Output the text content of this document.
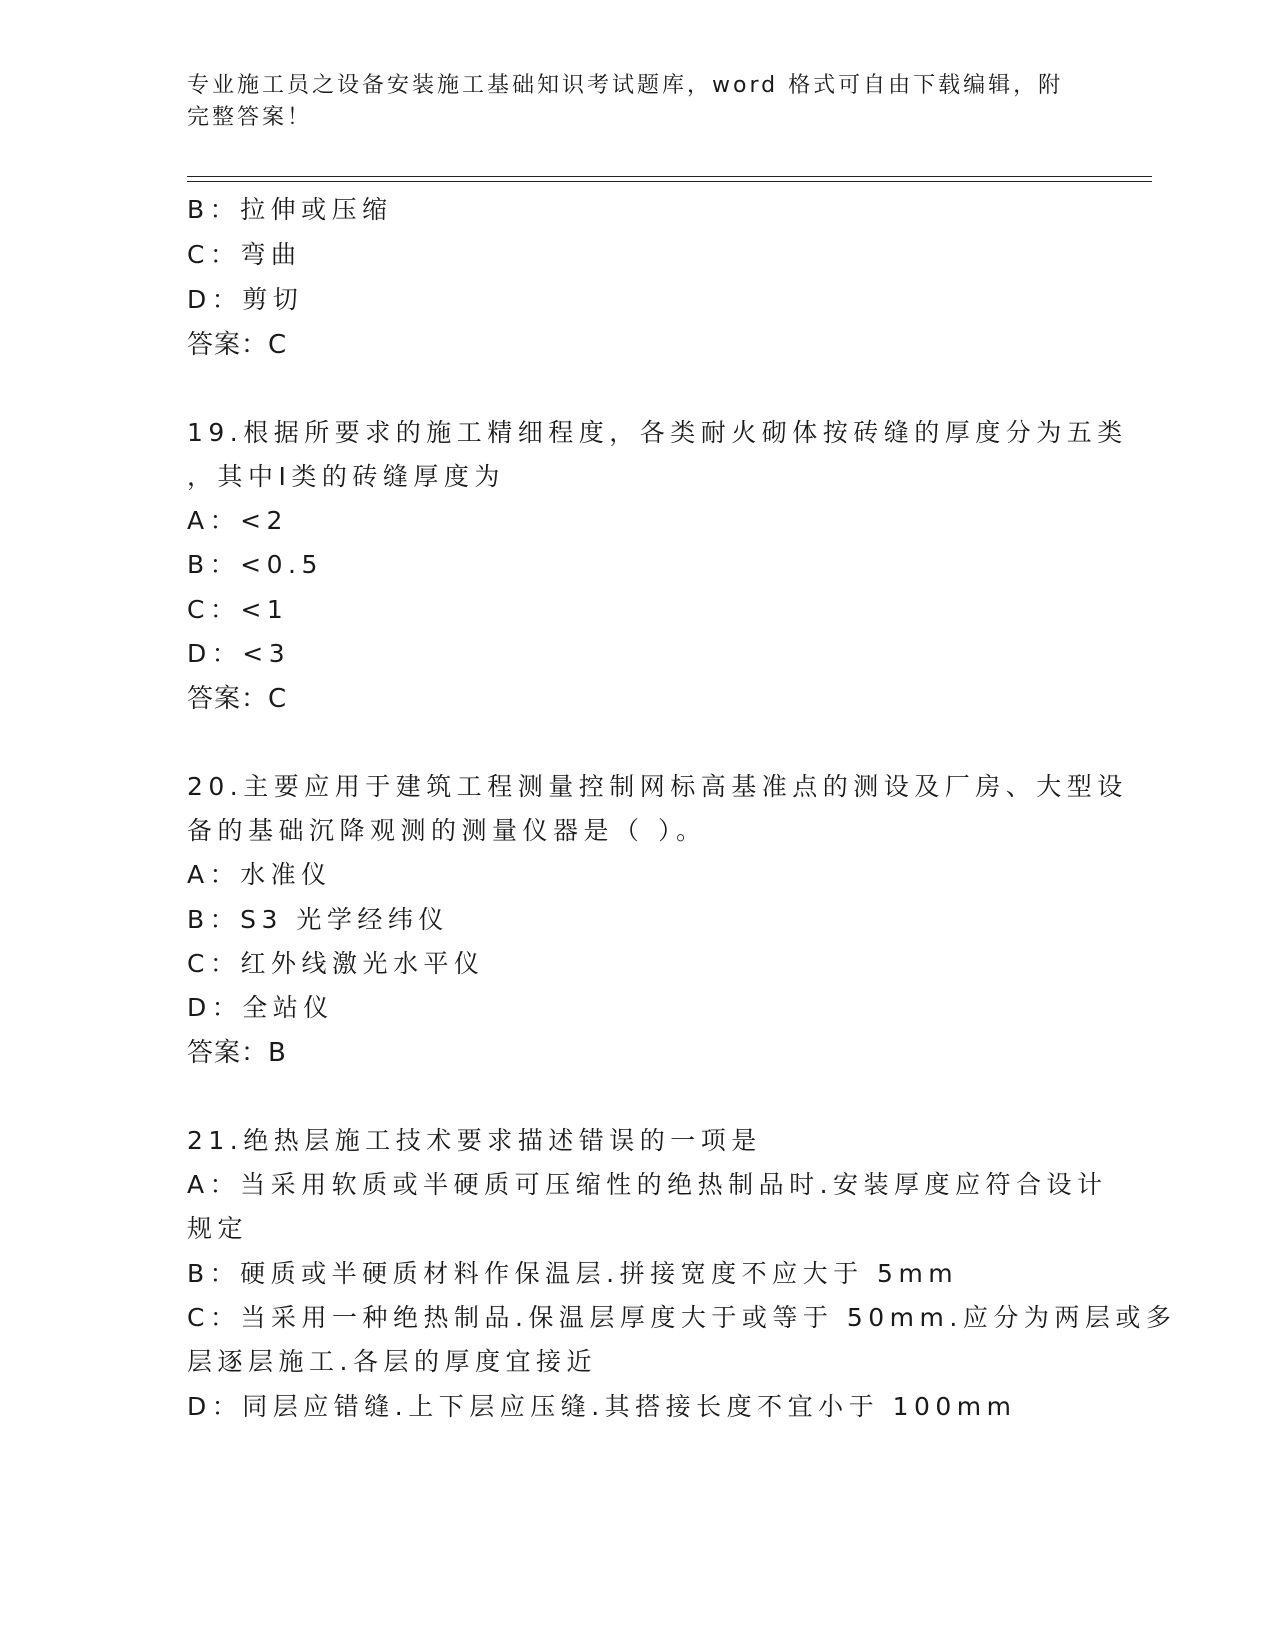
专业施工员之设备安装施工基础知识考试题库，word 格式可自由下载编辑，附完整答案！
B：拉伸或压缩
C：弯曲
D：剪切
答案：C
19.根据所要求的施工精细程度，各类耐火砌体按砖缝的厚度分为五类
，其中Ⅰ类的砖缝厚度为
A：<2
B：<0.5
C：<1
D：<3
答案：C
20.主要应用于建筑工程测量控制网标高基准点的测设及厂房、大型设
备的基础沉降观测的测量仪器是（ ）。
A：水准仪
B：S3 光学经纬仪
C：红外线激光水平仪
D：全站仪
答案：B
21.绝热层施工技术要求描述错误的一项是
A：当采用软质或半硬质可压缩性的绝热制品时.安装厚度应符合设计
规定
B：硬质或半硬质材料作保温层.拼接宽度不应大于 5mm
C：当采用一种绝热制品.保温层厚度大于或等于 50mm.应分为两层或多
层逐层施工.各层的厚度宜接近
D：同层应错缝.上下层应压缝.其搭接长度不宜小于 100mm
